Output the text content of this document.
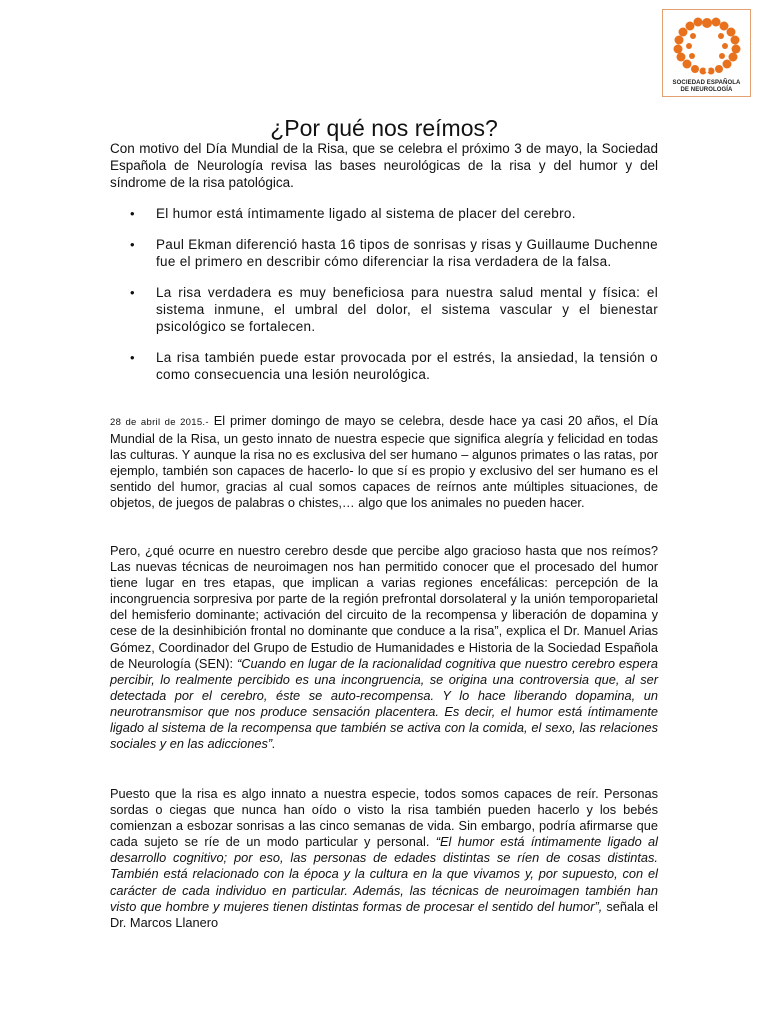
SOCIEDAD ESPAÑOLA
DE NEUROLOGÍA
¿Por qué nos reímos?

Con motivo del Día Mundial de la Risa, que se celebra el próximo 3 de mayo, la Sociedad Española de Neurología revisa las bases neurológicas de la risa y del humor y del síndrome de la risa patológica.

• El humor está íntimamente ligado al sistema de placer del cerebro.
• Paul Ekman diferenció hasta 16 tipos de sonrisas y risas y Guillaume Duchenne fue el primero en describir cómo diferenciar la risa verdadera de la falsa.
• La risa verdadera es muy beneficiosa para nuestra salud mental y física: el sistema inmune, el umbral del dolor, el sistema vascular y el bienestar psicológico se fortalecen.
• La risa también puede estar provocada por el estrés, la ansiedad, la tensión o como consecuencia una lesión neurológica.

28 de abril de 2015.- El primer domingo de mayo se celebra, desde hace ya casi 20 años, el Día Mundial de la Risa, un gesto innato de nuestra especie que significa alegría y felicidad en todas las culturas. Y aunque la risa no es exclusiva del ser humano – algunos primates o las ratas, por ejemplo, también son capaces de hacerlo- lo que sí es propio y exclusivo del ser humano es el sentido del humor, gracias al cual somos capaces de reírnos ante múltiples situaciones, de objetos, de juegos de palabras o chistes,… algo que los animales no pueden hacer.

Pero, ¿qué ocurre en nuestro cerebro desde que percibe algo gracioso hasta que nos reímos? Las nuevas técnicas de neuroimagen nos han permitido conocer que el procesado del humor tiene lugar en tres etapas, que implican a varias regiones encefálicas: percepción de la incongruencia sorpresiva por parte de la región prefrontal dorsolateral y la unión temporoparietal del hemisferio dominante; activación del circuito de la recompensa y liberación de dopamina y cese de la desinhibición frontal no dominante que conduce a la risa”, explica el Dr. Manuel Arias Gómez, Coordinador del Grupo de Estudio de Humanidades e Historia de la Sociedad Española de Neurología (SEN): “Cuando en lugar de la racionalidad cognitiva que nuestro cerebro espera percibir, lo realmente percibido es una incongruencia, se origina una controversia que, al ser detectada por el cerebro, éste se auto-recompensa. Y lo hace liberando dopamina, un neurotransmisor que nos produce sensación placentera. Es decir, el humor está íntimamente ligado al sistema de la recompensa que también se activa con la comida, el sexo, las relaciones sociales y en las adicciones”.

Puesto que la risa es algo innato a nuestra especie, todos somos capaces de reír. Personas sordas o ciegas que nunca han oído o visto la risa también pueden hacerlo y los bebés comienzan a esbozar sonrisas a las cinco semanas de vida. Sin embargo, podría afirmarse que cada sujeto se ríe de un modo particular y personal. “El humor está íntimamente ligado al desarrollo cognitivo; por eso, las personas de edades distintas se ríen de cosas distintas. También está relacionado con la época y la cultura en la que vivamos y, por supuesto, con el carácter de cada individuo en particular. Además, las técnicas de neuroimagen también han visto que hombre y mujeres tienen distintas formas de procesar el sentido del humor”, señala el Dr. Marcos Llanero
